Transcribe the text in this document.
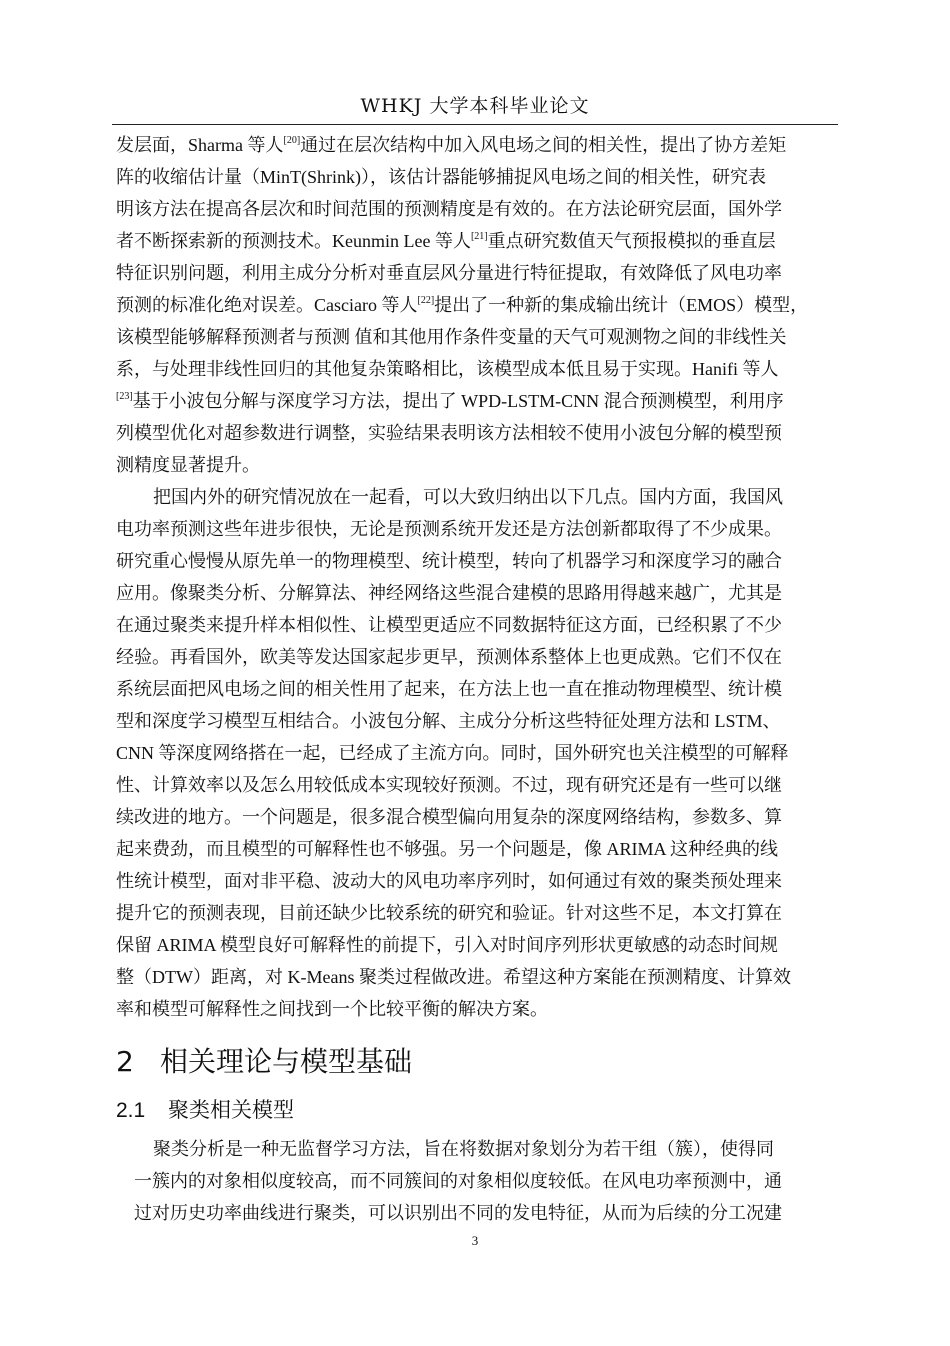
WHKJ 大学本科毕业论文
发层面，Sharma 等人[20]通过在层次结构中加入风电场之间的相关性，提出了协方差矩
阵的收缩估计量（MinT(Shrink)），该估计器能够捕捉风电场之间的相关性，研究表
明该方法在提高各层次和时间范围的预测精度是有效的。在方法论研究层面，国外学
者不断探索新的预测技术。Keunmin Lee 等人[21]重点研究数值天气预报模拟的垂直层
特征识别问题，利用主成分分析对垂直层风分量进行特征提取，有效降低了风电功率
预测的标准化绝对误差。Casciaro 等人[22]提出了一种新的集成输出统计（EMOS）模型，
该模型能够解释预测者与预测 值和其他用作条件变量的天气可观测物之间的非线性关
系，与处理非线性回归的其他复杂策略相比，该模型成本低且易于实现。Hanifi 等人
[23]基于小波包分解与深度学习方法，提出了 WPD-LSTM-CNN 混合预测模型，利用序
列模型优化对超参数进行调整，实验结果表明该方法相较不使用小波包分解的模型预
测精度显著提升。
把国内外的研究情况放在一起看，可以大致归纳出以下几点。国内方面，我国风
电功率预测这些年进步很快，无论是预测系统开发还是方法创新都取得了不少成果。
研究重心慢慢从原先单一的物理模型、统计模型，转向了机器学习和深度学习的融合
应用。像聚类分析、分解算法、神经网络这些混合建模的思路用得越来越广，尤其是
在通过聚类来提升样本相似性、让模型更适应不同数据特征这方面，已经积累了不少
经验。再看国外，欧美等发达国家起步更早，预测体系整体上也更成熟。它们不仅在
系统层面把风电场之间的相关性用了起来，在方法上也一直在推动物理模型、统计模
型和深度学习模型互相结合。小波包分解、主成分分析这些特征处理方法和 LSTM、
CNN 等深度网络搭在一起，已经成了主流方向。同时，国外研究也关注模型的可解释
性、计算效率以及怎么用较低成本实现较好预测。不过，现有研究还是有一些可以继
续改进的地方。一个问题是，很多混合模型偏向用复杂的深度网络结构，参数多、算
起来费劲，而且模型的可解释性也不够强。另一个问题是，像 ARIMA 这种经典的线
性统计模型，面对非平稳、波动大的风电功率序列时，如何通过有效的聚类预处理来
提升它的预测表现，目前还缺少比较系统的研究和验证。针对这些不足，本文打算在
保留 ARIMA 模型良好可解释性的前提下，引入对时间序列形状更敏感的动态时间规
整（DTW）距离，对 K-Means 聚类过程做改进。希望这种方案能在预测精度、计算效
率和模型可解释性之间找到一个比较平衡的解决方案。
2 相关理论与模型基础
2.1 聚类相关模型
聚类分析是一种无监督学习方法，旨在将数据对象划分为若干组（簇），使得同
一簇内的对象相似度较高，而不同簇间的对象相似度较低。在风电功率预测中，通
过对历史功率曲线进行聚类，可以识别出不同的发电特征，从而为后续的分工况建
3
